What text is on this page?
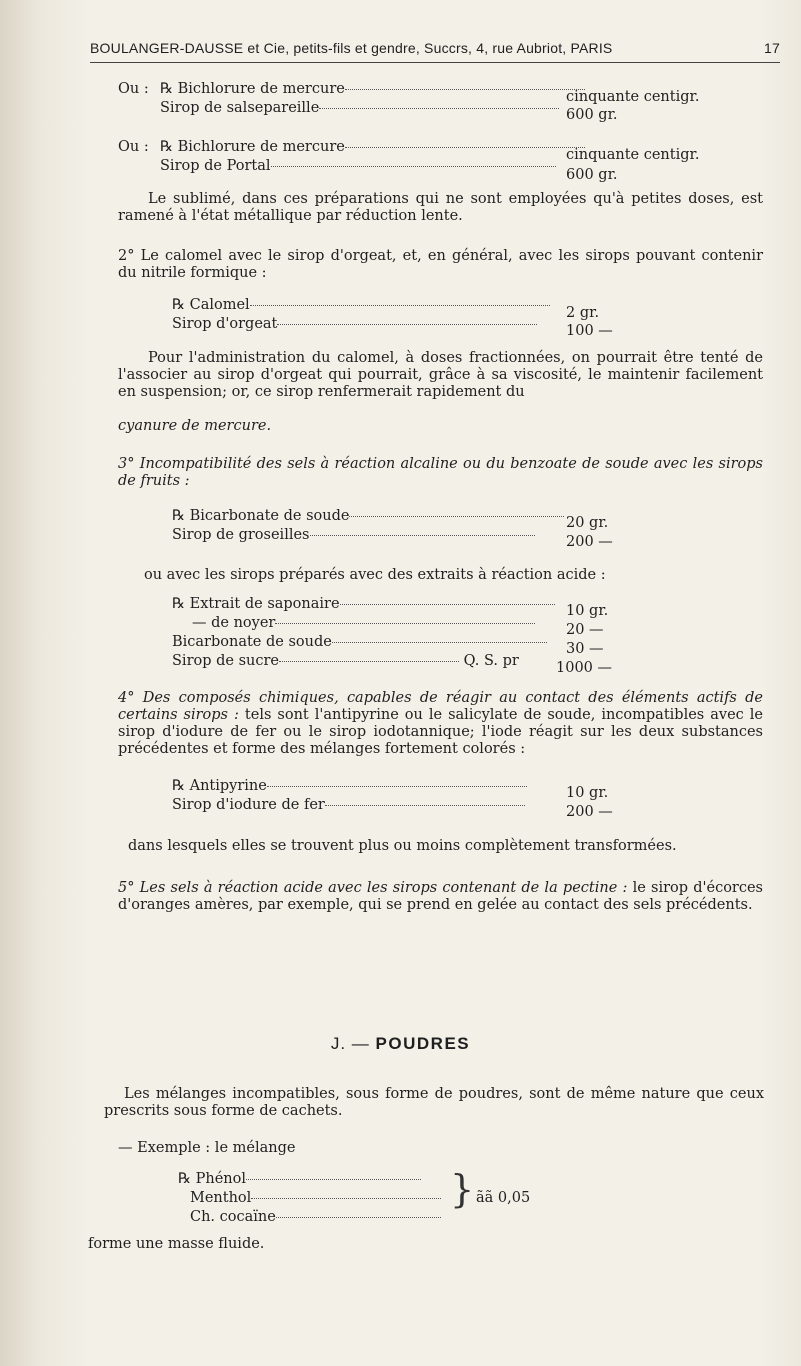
BOULANGER-DAUSSE et Cie, petits-fils et gendre, Succrs, 4, rue Aubriot, PARIS	17
Ou : ℞ Bichlorure de mercure
Sirop de salsepareille
cinquante centigr.
600 gr.
Ou : ℞ Bichlorure de mercure
Sirop de Portal
cinquante centigr.
600 gr.
Le sublimé, dans ces préparations qui ne sont employées qu'à petites doses, est ramené à l'état métallique par réduction lente.
2° Le calomel avec le sirop d'orgeat, et, en général, avec les sirops pouvant contenir du nitrile formique :
℞ Calomel
Sirop d'orgeat
2 gr.
100 —
Pour l'administration du calomel, à doses fractionnées, on pourrait être tenté de l'associer au sirop d'orgeat qui pourrait, grâce à sa viscosité, le maintenir facilement en suspension; or, ce sirop renfermerait rapidement du
cyanure de mercure.
3° Incompatibilité des sels à réaction alcaline ou du benzoate de soude avec les sirops de fruits :
℞ Bicarbonate de soude
Sirop de groseilles
20 gr.
200 —
ou avec les sirops préparés avec des extraits à réaction acide :
℞ Extrait de saponaire
— de noyer
Bicarbonate de soude
Sirop de sucre	Q. S. pr
10 gr.
20 —
30 —
1000 —
4° Des composés chimiques, capables de réagir au contact des éléments actifs de certains sirops : tels sont l'antipyrine ou le salicylate de soude, incompatibles avec le sirop d'iodure de fer ou le sirop iodotannique; l'iode réagit sur les deux substances précédentes et forme des mélanges fortement colorés :
℞ Antipyrine
Sirop d'iodure de fer
10 gr.
200 —
dans lesquels elles se trouvent plus ou moins complètement transformées.
5° Les sels à réaction acide avec les sirops contenant de la pectine : le sirop d'écorces d'oranges amères, par exemple, qui se prend en gelée au contact des sels précédents.
J. — POUDRES
Les mélanges incompatibles, sous forme de poudres, sont de même nature que ceux prescrits sous forme de cachets.
— Exemple : le mélange
℞ Phénol
Menthol
Ch. cocaïne
} ãã 0,05
forme une masse fluide.
